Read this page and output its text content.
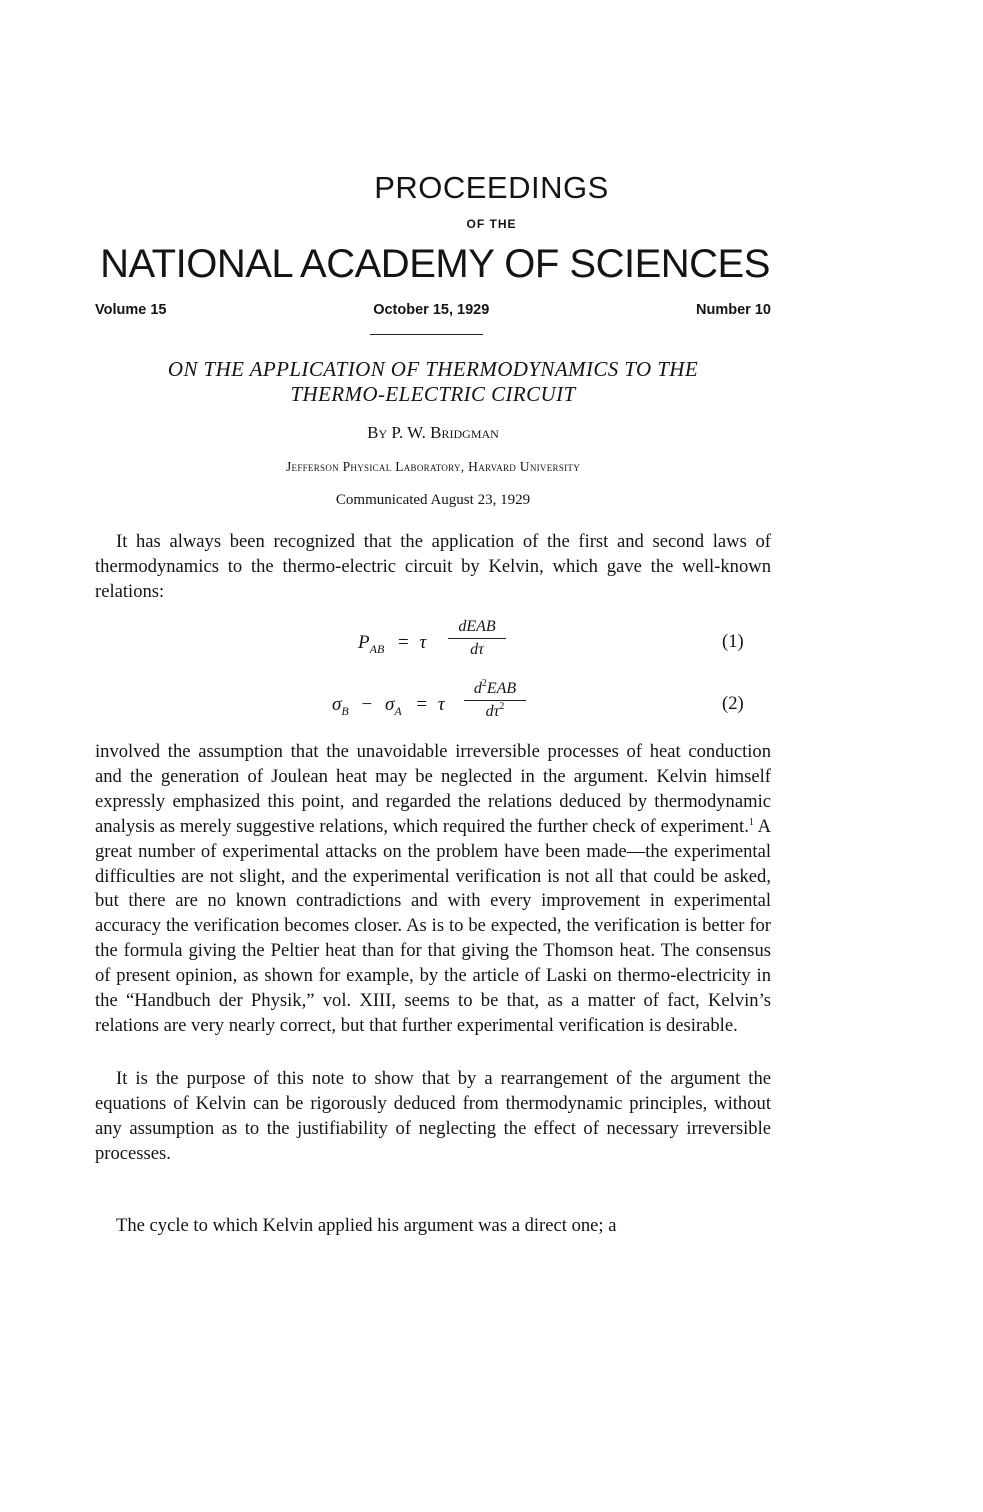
PROCEEDINGS
OF THE
NATIONAL ACADEMY OF SCIENCES
Volume 15	October 15, 1929	Number 10
ON THE APPLICATION OF THERMODYNAMICS TO THE
THERMO-ELECTRIC CIRCUIT
By P. W. Bridgman
Jefferson Physical Laboratory, Harvard University
Communicated August 23, 1929

It has always been recognized that the application of the first and second laws of thermodynamics to the thermo-electric circuit by Kelvin, which gave the well-known relations:

$P_{AB} = \tau$
dEAB
dτ	(1)
$\sigma_B - \sigma_A = \tau$
$d^2EAB$
$d\tau^2$	(2)

involved the assumption that the unavoidable irreversible processes of heat conduction and the generation of Joulean heat may be neglected in the argument. Kelvin himself expressly emphasized this point, and regarded the relations deduced by thermodynamic analysis as merely suggestive relations, which required the further check of experiment.$^1$ A great number of experimental attacks on the problem have been made—the experimental difficulties are not slight, and the experimental verification is not all that could be asked, but there are no known contradictions and with every improvement in experimental accuracy the verification becomes closer. As is to be expected, the verification is better for the formula giving the Peltier heat than for that giving the Thomson heat. The consensus of present opinion, as shown for example, by the article of Laski on thermo-electricity in the “Handbuch der Physik,” vol. XIII, seems to be that, as a matter of fact, Kelvin’s relations are very nearly correct, but that further experimental verification is desirable.

It is the purpose of this note to show that by a rearrangement of the argument the equations of Kelvin can be rigorously deduced from thermodynamic principles, without any assumption as to the justifiability of neglecting the effect of necessary irreversible processes.

The cycle to which Kelvin applied his argument was a direct one; a
